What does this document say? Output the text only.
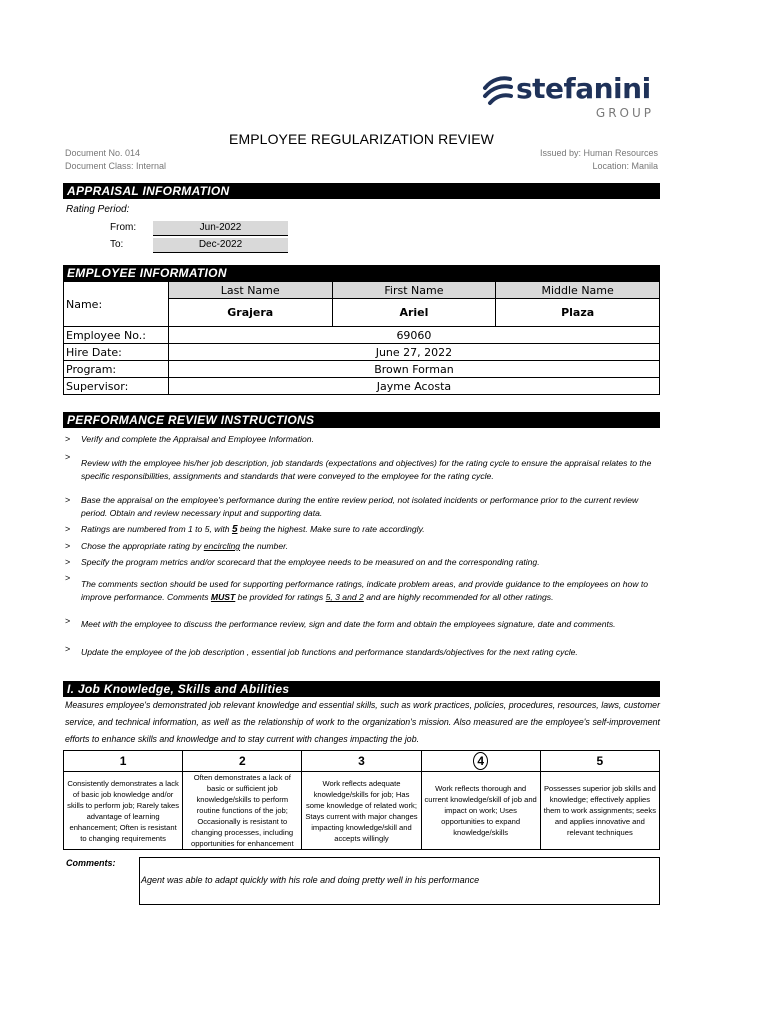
stefanini
GROUP
EMPLOYEE REGULARIZATION REVIEW
Document No. 014
Document Class: Internal
Issued by: Human Resources
Location: Manila
APPRAISAL INFORMATION
Rating Period:
From:	Jun-2022
To:	Dec-2022
EMPLOYEE INFORMATION
Name:	Last Name	First Name	Middle Name
	Grajera	Ariel	Plaza
Employee No.:	69060		
Hire Date:	June 27, 2022		
Program:	Brown Forman		
Supervisor:	Jayme Acosta		
PERFORMANCE REVIEW INSTRUCTIONS
> Verify and complete the Appraisal and Employee Information.
>
Review with the employee his/her job description, job standards (expectations and objectives) for the rating cycle to ensure the appraisal relates to the specific responsibilities, assignments and standards that were conveyed to the employee for the rating cycle.
> Base the appraisal on the employee's performance during the entire review period, not isolated incidents or performance prior to the current review period. Obtain and review necessary input and supporting data.
> Ratings are numbered from 1 to 5, with 5 being the highest. Make sure to rate accordingly.
> Chose the appropriate rating by encircling the number.
> Specify the program metrics and/or scorecard that the employee needs to be measured on and the corresponding rating.
>
The comments section should be used for supporting performance ratings, indicate problem areas, and provide guidance to the employees on how to improve performance. Comments MUST be provided for ratings 5, 3 and 2 and are highly recommended for all other ratings.
> Meet with the employee to discuss the performance review, sign and date the form and obtain the employees signature, date and comments.
> Update the employee of the job description , essential job functions and performance standards/objectives for the next rating cycle.
I. Job Knowledge, Skills and Abilities
Measures employee's demonstrated job relevant knowledge and essential skills, such as work practices, policies, procedures, resources, laws, customer service, and technical information, as well as the relationship of work to the organization's mission. Also measured are the employee's self-improvement efforts to enhance skills and knowledge and to stay current with changes impacting the job.
1	2	3	4	5
Consistently demonstrates a lack of basic job knowledge and/or skills to perform job; Rarely takes advantage of learning enhancement; Often is resistant to changing requirements	Often demonstrates a lack of basic or sufficient job knowledge/skills to perform routine functions of the job; Occasionally is resistant to changing processes, including opportunities for enhancement	Work reflects adequate knowledge/skills for job; Has some knowledge of related work; Stays current with major changes impacting knowledge/skill and accepts willingly	Work reflects thorough and current knowledge/skill of job and impact on work; Uses opportunities to expand knowledge/skills	Possesses superior job skills and knowledge; effectively applies them to work assignments; seeks and applies innovative and relevant techniques
Comments:
Agent was able to adapt quickly with his role and doing pretty well in his performance
